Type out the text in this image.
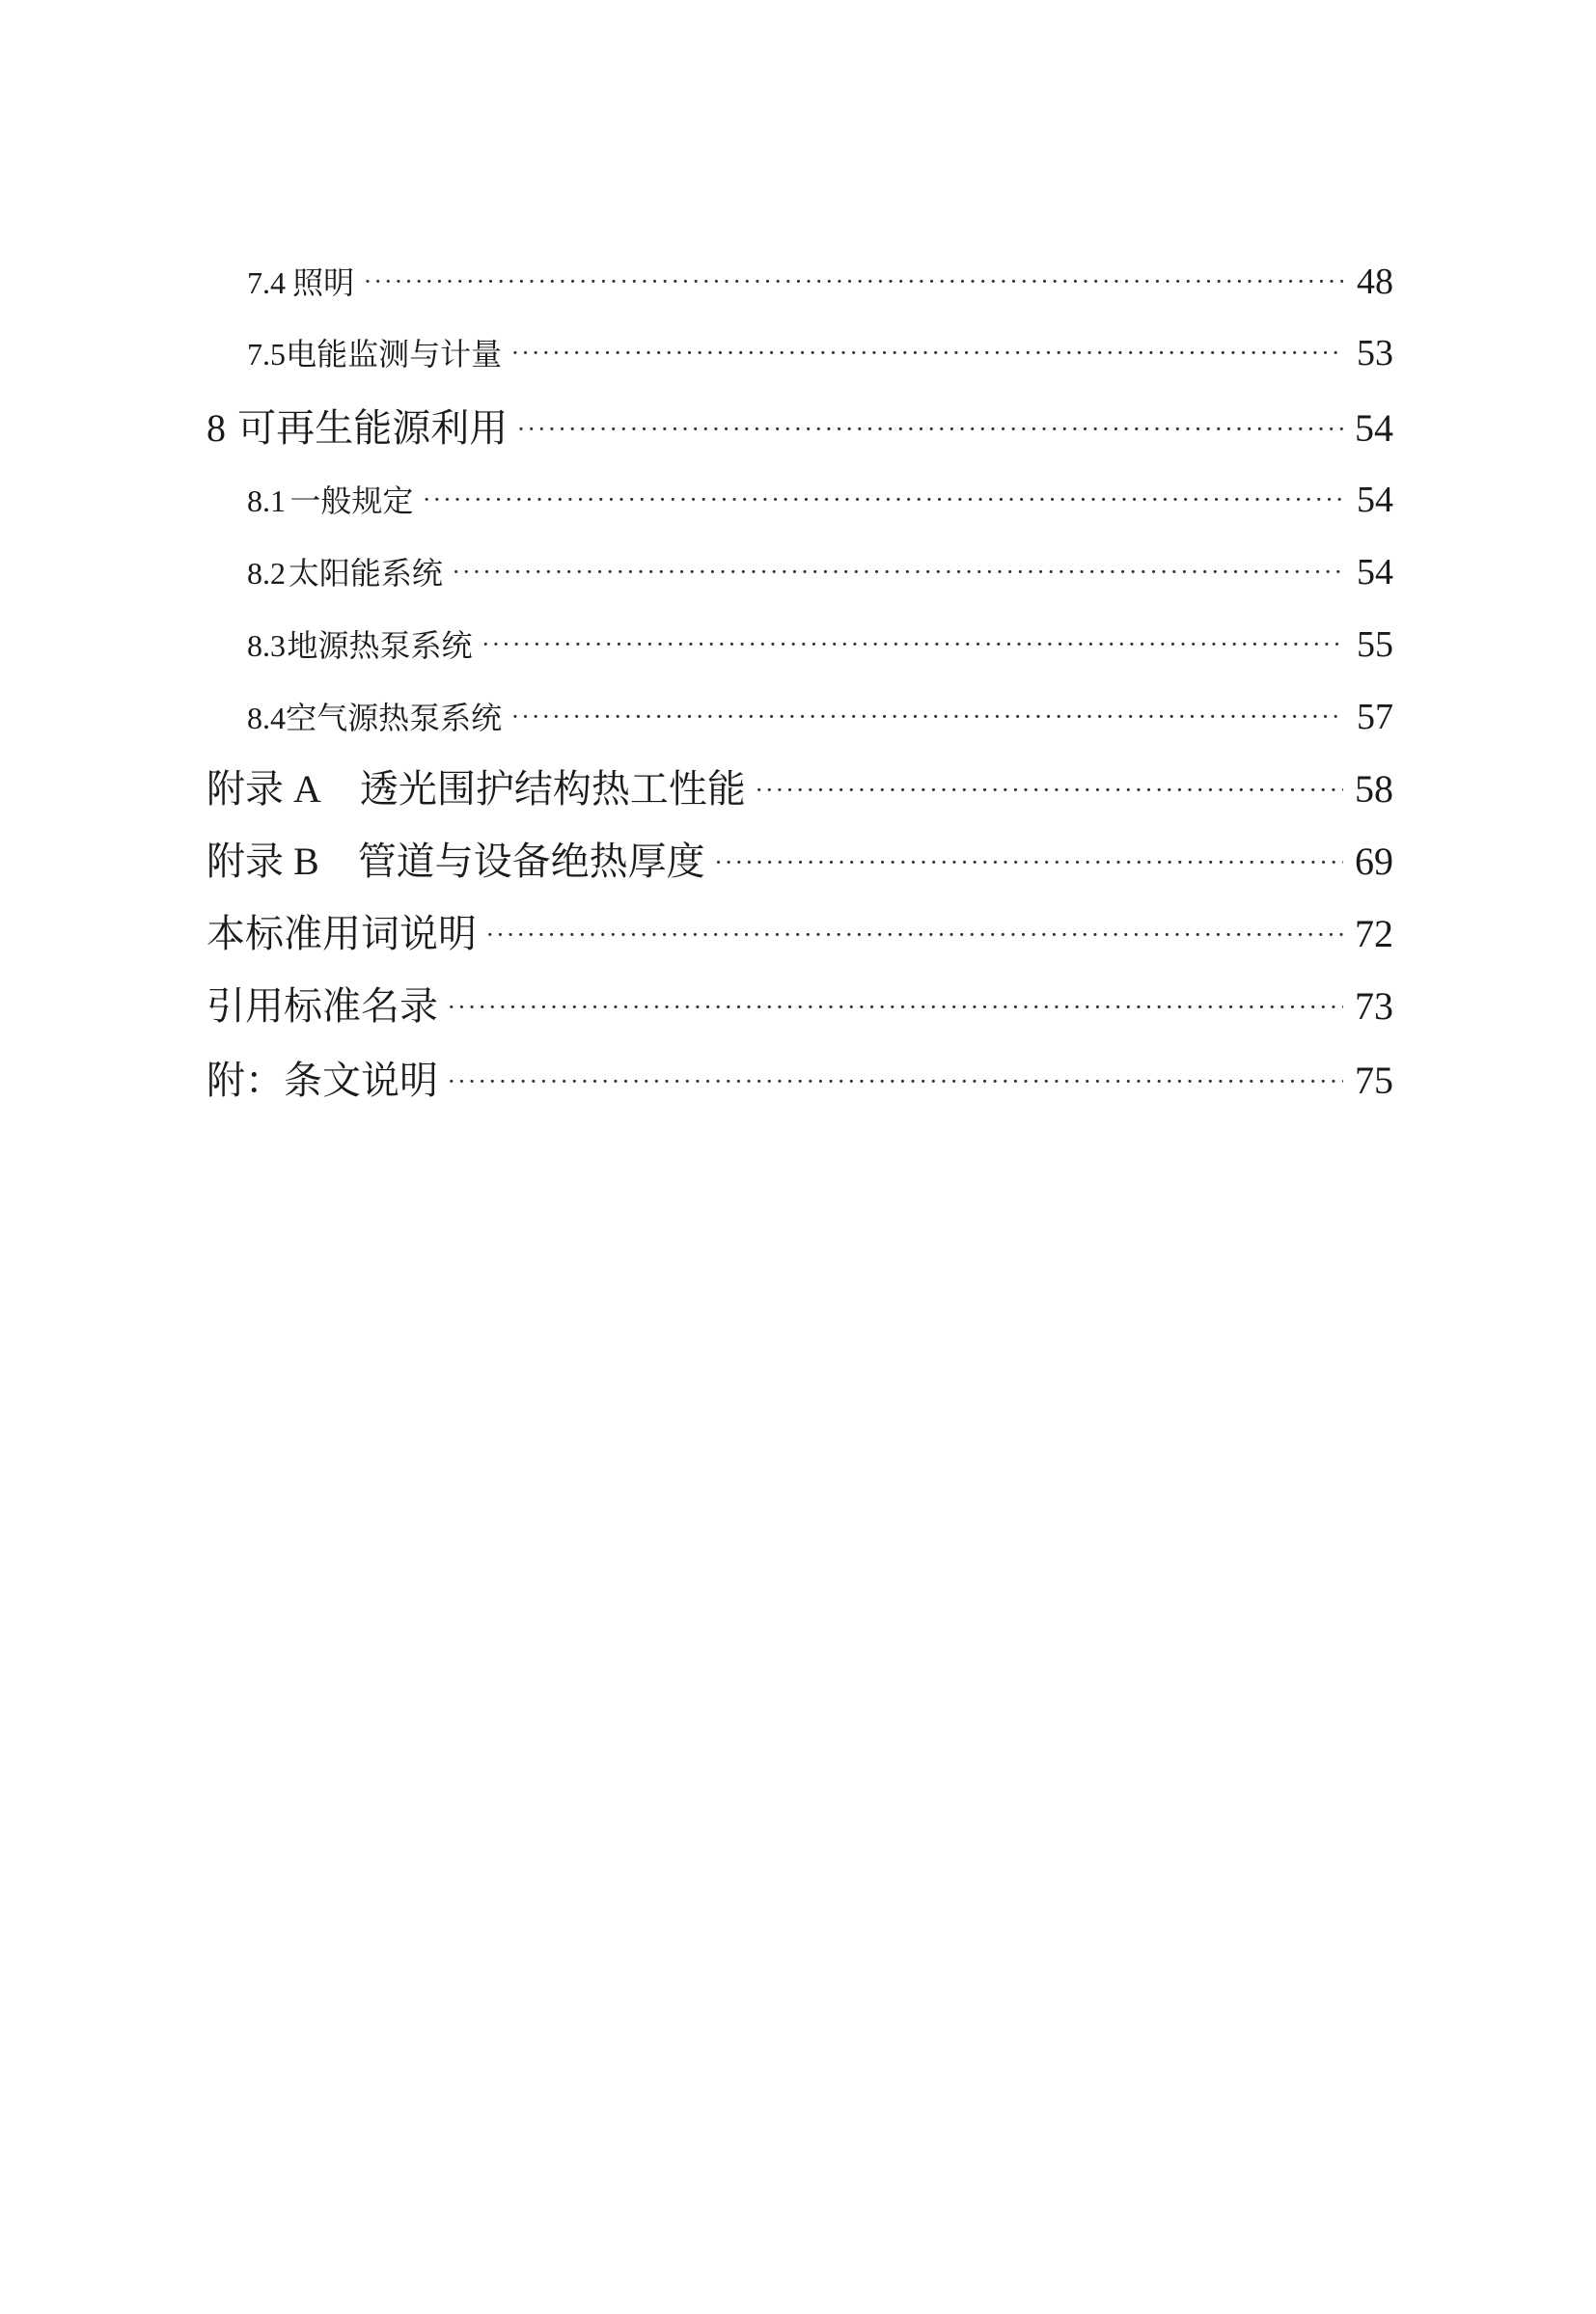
7.4 照明 ·····	48
7.5 电能监测与计量 ·····	53
8 可再生能源利用 ·····	54
8.1 一般规定 ·····	54
8.2 太阳能系统 ·····	54
8.3 地源热泵系统 ·····	55
8.4 空气源热泵系统 ·····	57
附录 A 透光围护结构热工性能 ·····	58
附录 B 管道与设备绝热厚度 ·····	69
本标准用词说明 ·····	72
引用标准名录 ·····	73
附：条文说明 ·····	75
